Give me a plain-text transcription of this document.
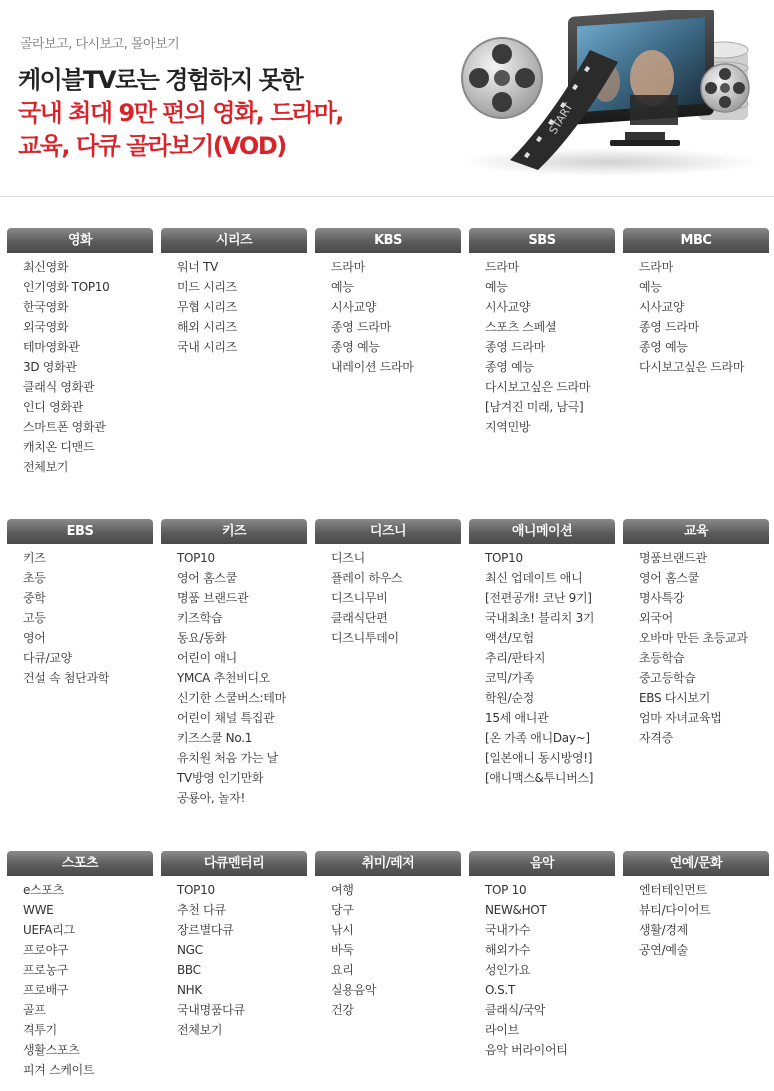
골라보고, 다시보고, 몰아보기
케이블TV로는 경험하지 못한
국내 최대 9만 편의 영화, 드라마,
교육, 다큐 골라보기(VOD)
START
영화
최신영화
인기영화 TOP10
한국영화
외국영화
테마영화관
3D 영화관
클래식 영화관
인디 영화관
스마트폰 영화관
캐치온 디맨드
전체보기
시리즈
워너 TV
미드 시리즈
무협 시리즈
해외 시리즈
국내 시리즈
KBS
드라마
예능
시사교양
종영 드라마
종영 예능
내레이션 드라마
SBS
드라마
예능
시사교양
스포츠 스페셜
종영 드라마
종영 예능
다시보고싶은 드라마
[남겨진 미래, 남극]
지역민방
MBC
드라마
예능
시사교양
종영 드라마
종영 예능
다시보고싶은 드라마
EBS
키즈
초등
중학
고등
영어
다큐/교양
건설 속 첨단과학
키즈
TOP10
영어 홈스쿨
명품 브랜드관
키즈학습
동요/동화
어린이 애니
YMCA 추천비디오
신기한 스쿨버스:테마
어린이 채널 특집관
키즈스쿨 No.1
유치원 처음 가는 날
TV방영 인기만화
공룡아, 놀자!
디즈니
디즈니
플레이 하우스
디즈니무비
클래식단편
디즈니투데이
애니메이션
TOP10
최신 업데이트 애니
[전편공개! 코난 9기]
국내최초! 블리치 3기
액션/모험
추리/판타지
코믹/가족
학원/순정
15세 애니관
[온 가족 애니Day~]
[일본애니 동시방영!]
[애니맥스&투니버스]
교육
명품브랜드관
영어 홈스쿨
명사특강
외국어
오바마 만든 초등교과
초등학습
중고등학습
EBS 다시보기
엄마 자녀교육법
자격증
스포츠
e스포츠
WWE
UEFA리그
프로야구
프로농구
프로배구
골프
격투기
생활스포츠
피겨 스케이트
다큐멘터리
TOP10
추천 다큐
장르별다큐
NGC
BBC
NHK
국내명품다큐
전체보기
취미/레저
여행
당구
낚시
바둑
요리
실용음악
건강
음악
TOP 10
NEW&HOT
국내가수
해외가수
성인가요
O.S.T
클래식/국악
라이브
음악 버라이어티
연예/문화
엔터테인먼트
뷰티/다이어트
생활/경제
공연/예술
